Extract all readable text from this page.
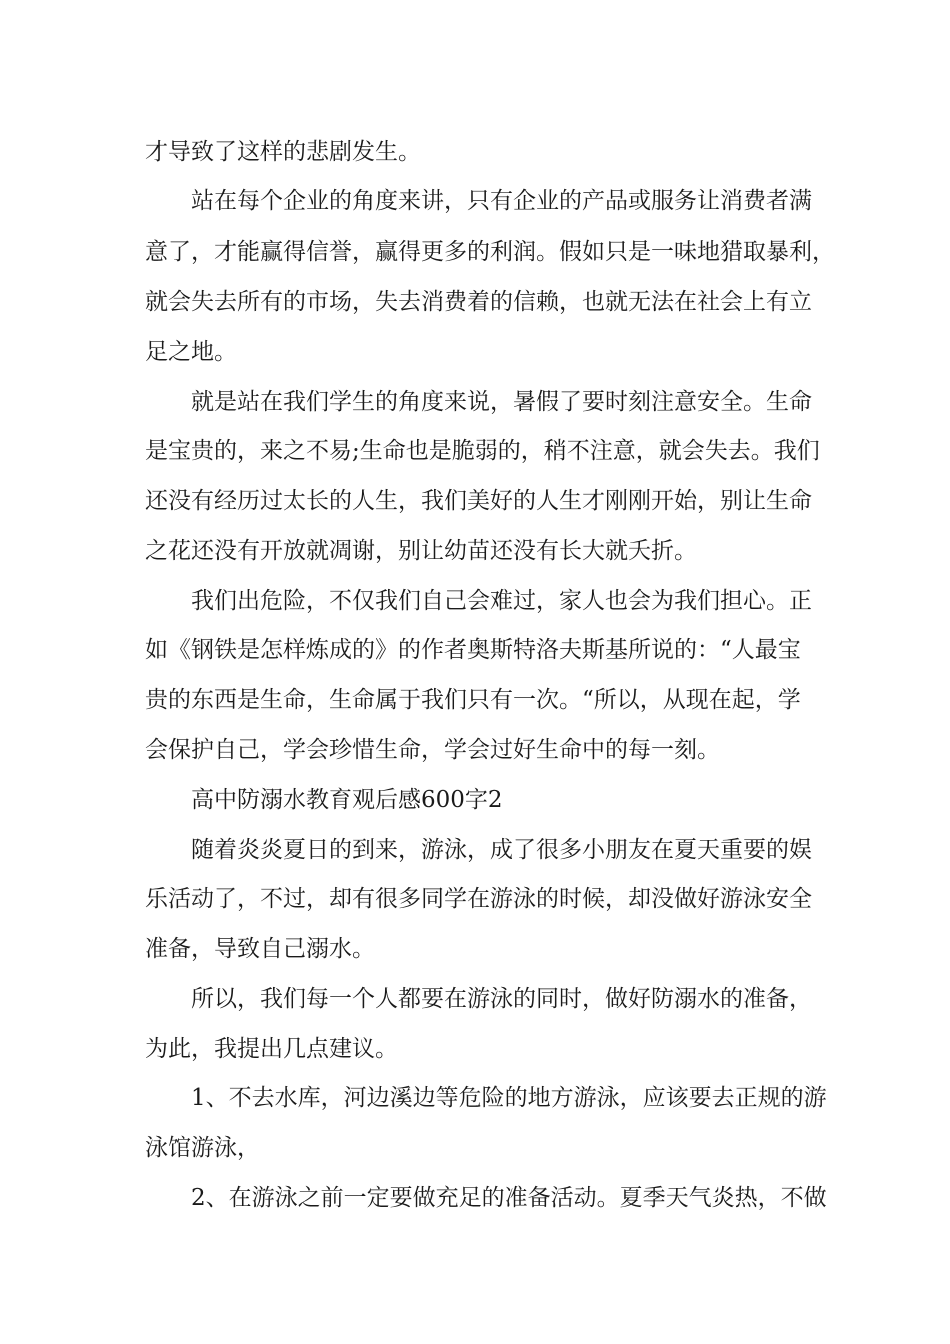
才导致了这样的悲剧发生。

站在每个企业的角度来讲，只有企业的产品或服务让消费者满

意了，才能赢得信誉，赢得更多的利润。假如只是一味地猎取暴利，

就会失去所有的市场，失去消费着的信赖，也就无法在社会上有立

足之地。

就是站在我们学生的角度来说，暑假了要时刻注意安全。生命

是宝贵的，来之不易;生命也是脆弱的，稍不注意，就会失去。我们

还没有经历过太长的人生，我们美好的人生才刚刚开始，别让生命

之花还没有开放就凋谢，别让幼苗还没有长大就夭折。

我们出危险，不仅我们自己会难过，家人也会为我们担心。正

如《钢铁是怎样炼成的》的作者奥斯特洛夫斯基所说的：“人最宝

贵的东西是生命，生命属于我们只有一次。“所以，从现在起，学

会保护自己，学会珍惜生命，学会过好生命中的每一刻。

高中防溺水教育观后感600字2

随着炎炎夏日的到来，游泳，成了很多小朋友在夏天重要的娱

乐活动了，不过，却有很多同学在游泳的时候，却没做好游泳安全

准备，导致自己溺水。

所以，我们每一个人都要在游泳的同时，做好防溺水的准备，

为此，我提出几点建议。

1、不去水库，河边溪边等危险的地方游泳，应该要去正规的游

泳馆游泳，

2、在游泳之前一定要做充足的准备活动。夏季天气炎热，不做
